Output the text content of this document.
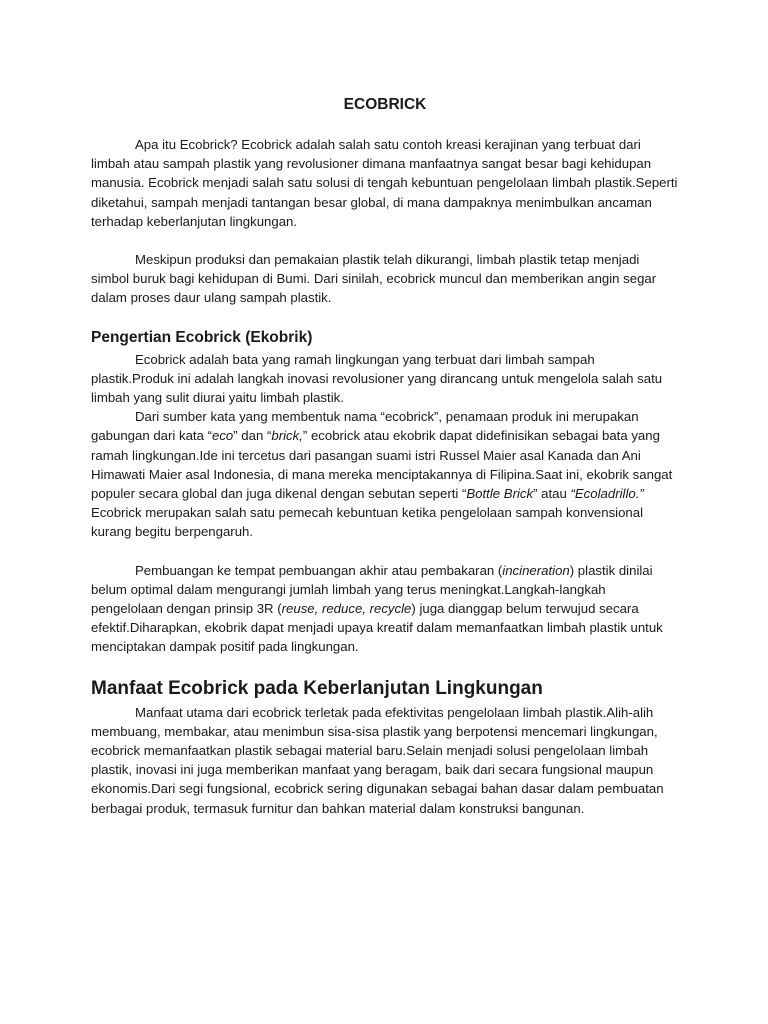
ECOBRICK

Apa itu Ecobrick? Ecobrick adalah salah satu contoh kreasi kerajinan yang terbuat dari limbah atau sampah plastik yang revolusioner dimana manfaatnya sangat besar bagi kehidupan manusia. Ecobrick menjadi salah satu solusi di tengah kebuntuan pengelolaan limbah plastik.Seperti diketahui, sampah menjadi tantangan besar global, di mana dampaknya menimbulkan ancaman terhadap keberlanjutan lingkungan.

Meskipun produksi dan pemakaian plastik telah dikurangi, limbah plastik tetap menjadi simbol buruk bagi kehidupan di Bumi. Dari sinilah, ecobrick muncul dan memberikan angin segar dalam proses daur ulang sampah plastik.

Pengertian Ecobrick (Ekobrik)

Ecobrick adalah bata yang ramah lingkungan yang terbuat dari limbah sampah plastik.Produk ini adalah langkah inovasi revolusioner yang dirancang untuk mengelola salah satu limbah yang sulit diurai yaitu limbah plastik.

Dari sumber kata yang membentuk nama “ecobrick”, penamaan produk ini merupakan gabungan dari kata “eco” dan “brick,” ecobrick atau ekobrik dapat didefinisikan sebagai bata yang ramah lingkungan.Ide ini tercetus dari pasangan suami istri Russel Maier asal Kanada dan Ani Himawati Maier asal Indonesia, di mana mereka menciptakannya di Filipina.Saat ini, ekobrik sangat populer secara global dan juga dikenal dengan sebutan seperti “Bottle Brick” atau “Ecoladrillo.” Ecobrick merupakan salah satu pemecah kebuntuan ketika pengelolaan sampah konvensional kurang begitu berpengaruh.

Pembuangan ke tempat pembuangan akhir atau pembakaran (incineration) plastik dinilai belum optimal dalam mengurangi jumlah limbah yang terus meningkat.Langkah-langkah pengelolaan dengan prinsip 3R (reuse, reduce, recycle) juga dianggap belum terwujud secara efektif.Diharapkan, ekobrik dapat menjadi upaya kreatif dalam memanfaatkan limbah plastik untuk menciptakan dampak positif pada lingkungan.

Manfaat Ecobrick pada Keberlanjutan Lingkungan

Manfaat utama dari ecobrick terletak pada efektivitas pengelolaan limbah plastik.Alih-alih membuang, membakar, atau menimbun sisa-sisa plastik yang berpotensi mencemari lingkungan, ecobrick memanfaatkan plastik sebagai material baru.Selain menjadi solusi pengelolaan limbah plastik, inovasi ini juga memberikan manfaat yang beragam, baik dari secara fungsional maupun ekonomis.Dari segi fungsional, ecobrick sering digunakan sebagai bahan dasar dalam pembuatan berbagai produk, termasuk furnitur dan bahkan material dalam konstruksi bangunan.
